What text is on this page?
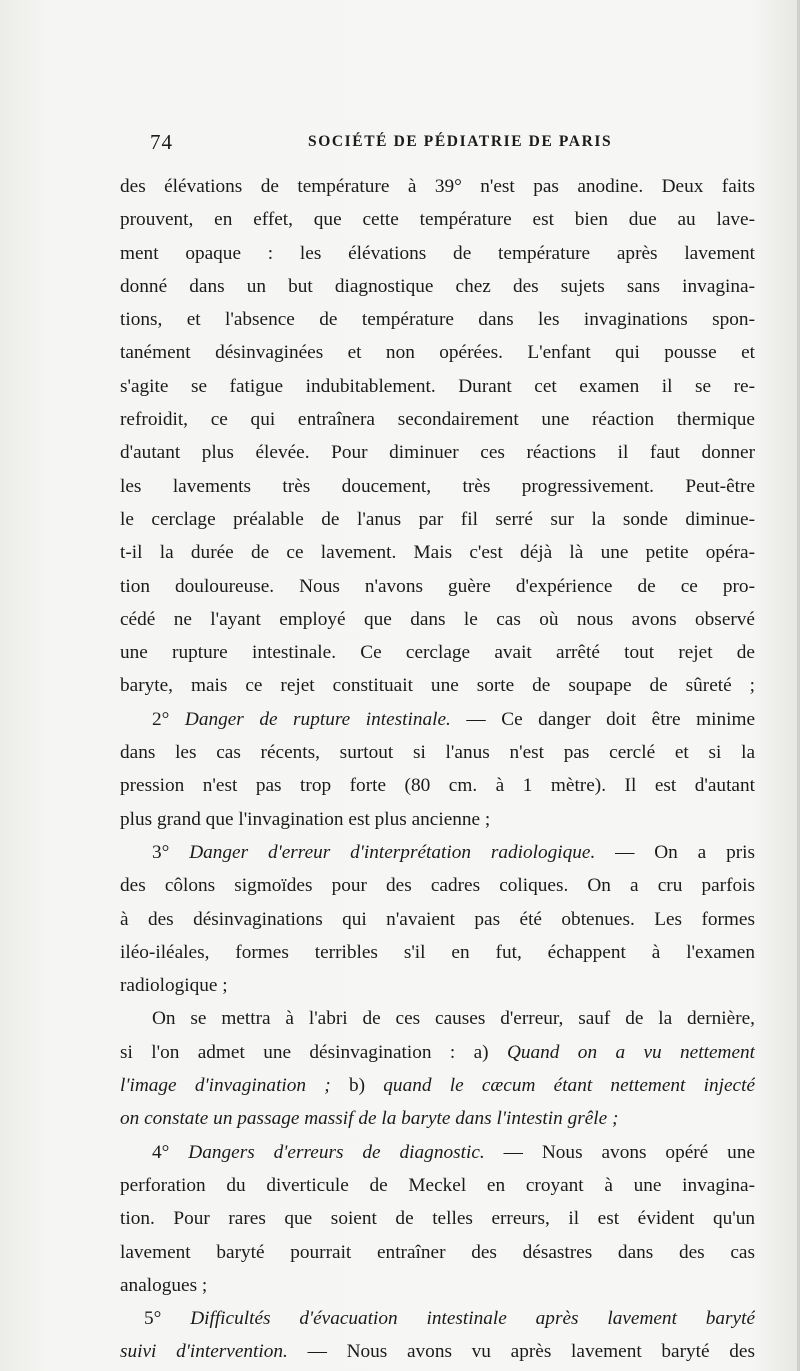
74	SOCIÉTÉ DE PÉDIATRIE DE PARIS
des élévations de température à 39° n'est pas anodine. Deux faits
prouvent, en effet, que cette température est bien due au lave-
ment opaque : les élévations de température après lavement
donné dans un but diagnostique chez des sujets sans invagina-
tions, et l'absence de température dans les invaginations spon-
tanément désinvaginées et non opérées. L'enfant qui pousse et
s'agite se fatigue indubitablement. Durant cet examen il se re-
refroidit, ce qui entraînera secondairement une réaction thermique
d'autant plus élevée. Pour diminuer ces réactions il faut donner
les lavements très doucement, très progressivement. Peut-être
le cerclage préalable de l'anus par fil serré sur la sonde diminue-
t-il la durée de ce lavement. Mais c'est déjà là une petite opéra-
tion douloureuse. Nous n'avons guère d'expérience de ce pro-
cédé ne l'ayant employé que dans le cas où nous avons observé
une rupture intestinale. Ce cerclage avait arrêté tout rejet de
baryte, mais ce rejet constituait une sorte de soupape de sûreté ;
2° Danger de rupture intestinale. — Ce danger doit être minime
dans les cas récents, surtout si l'anus n'est pas cerclé et si la
pression n'est pas trop forte (80 cm. à 1 mètre). Il est d'autant
plus grand que l'invagination est plus ancienne ;
3° Danger d'erreur d'interprétation radiologique. — On a pris
des côlons sigmoïdes pour des cadres coliques. On a cru parfois
à des désinvaginations qui n'avaient pas été obtenues. Les formes
iléo-iléales, formes terribles s'il en fut, échappent à l'examen
radiologique ;
On se mettra à l'abri de ces causes d'erreur, sauf de la dernière,
si l'on admet une désinvagination : a) Quand on a vu nettement
l'image d'invagination ; b) quand le cæcum étant nettement injecté
on constate un passage massif de la baryte dans l'intestin grêle ;
4° Dangers d'erreurs de diagnostic. — Nous avons opéré une
perforation du diverticule de Meckel en croyant à une invagina-
tion. Pour rares que soient de telles erreurs, il est évident qu'un
lavement baryté pourrait entraîner des désastres dans des cas
analogues ;
5° Difficultés d'évacuation intestinale après lavement baryté
suivi d'intervention. — Nous avons vu après lavement baryté des
